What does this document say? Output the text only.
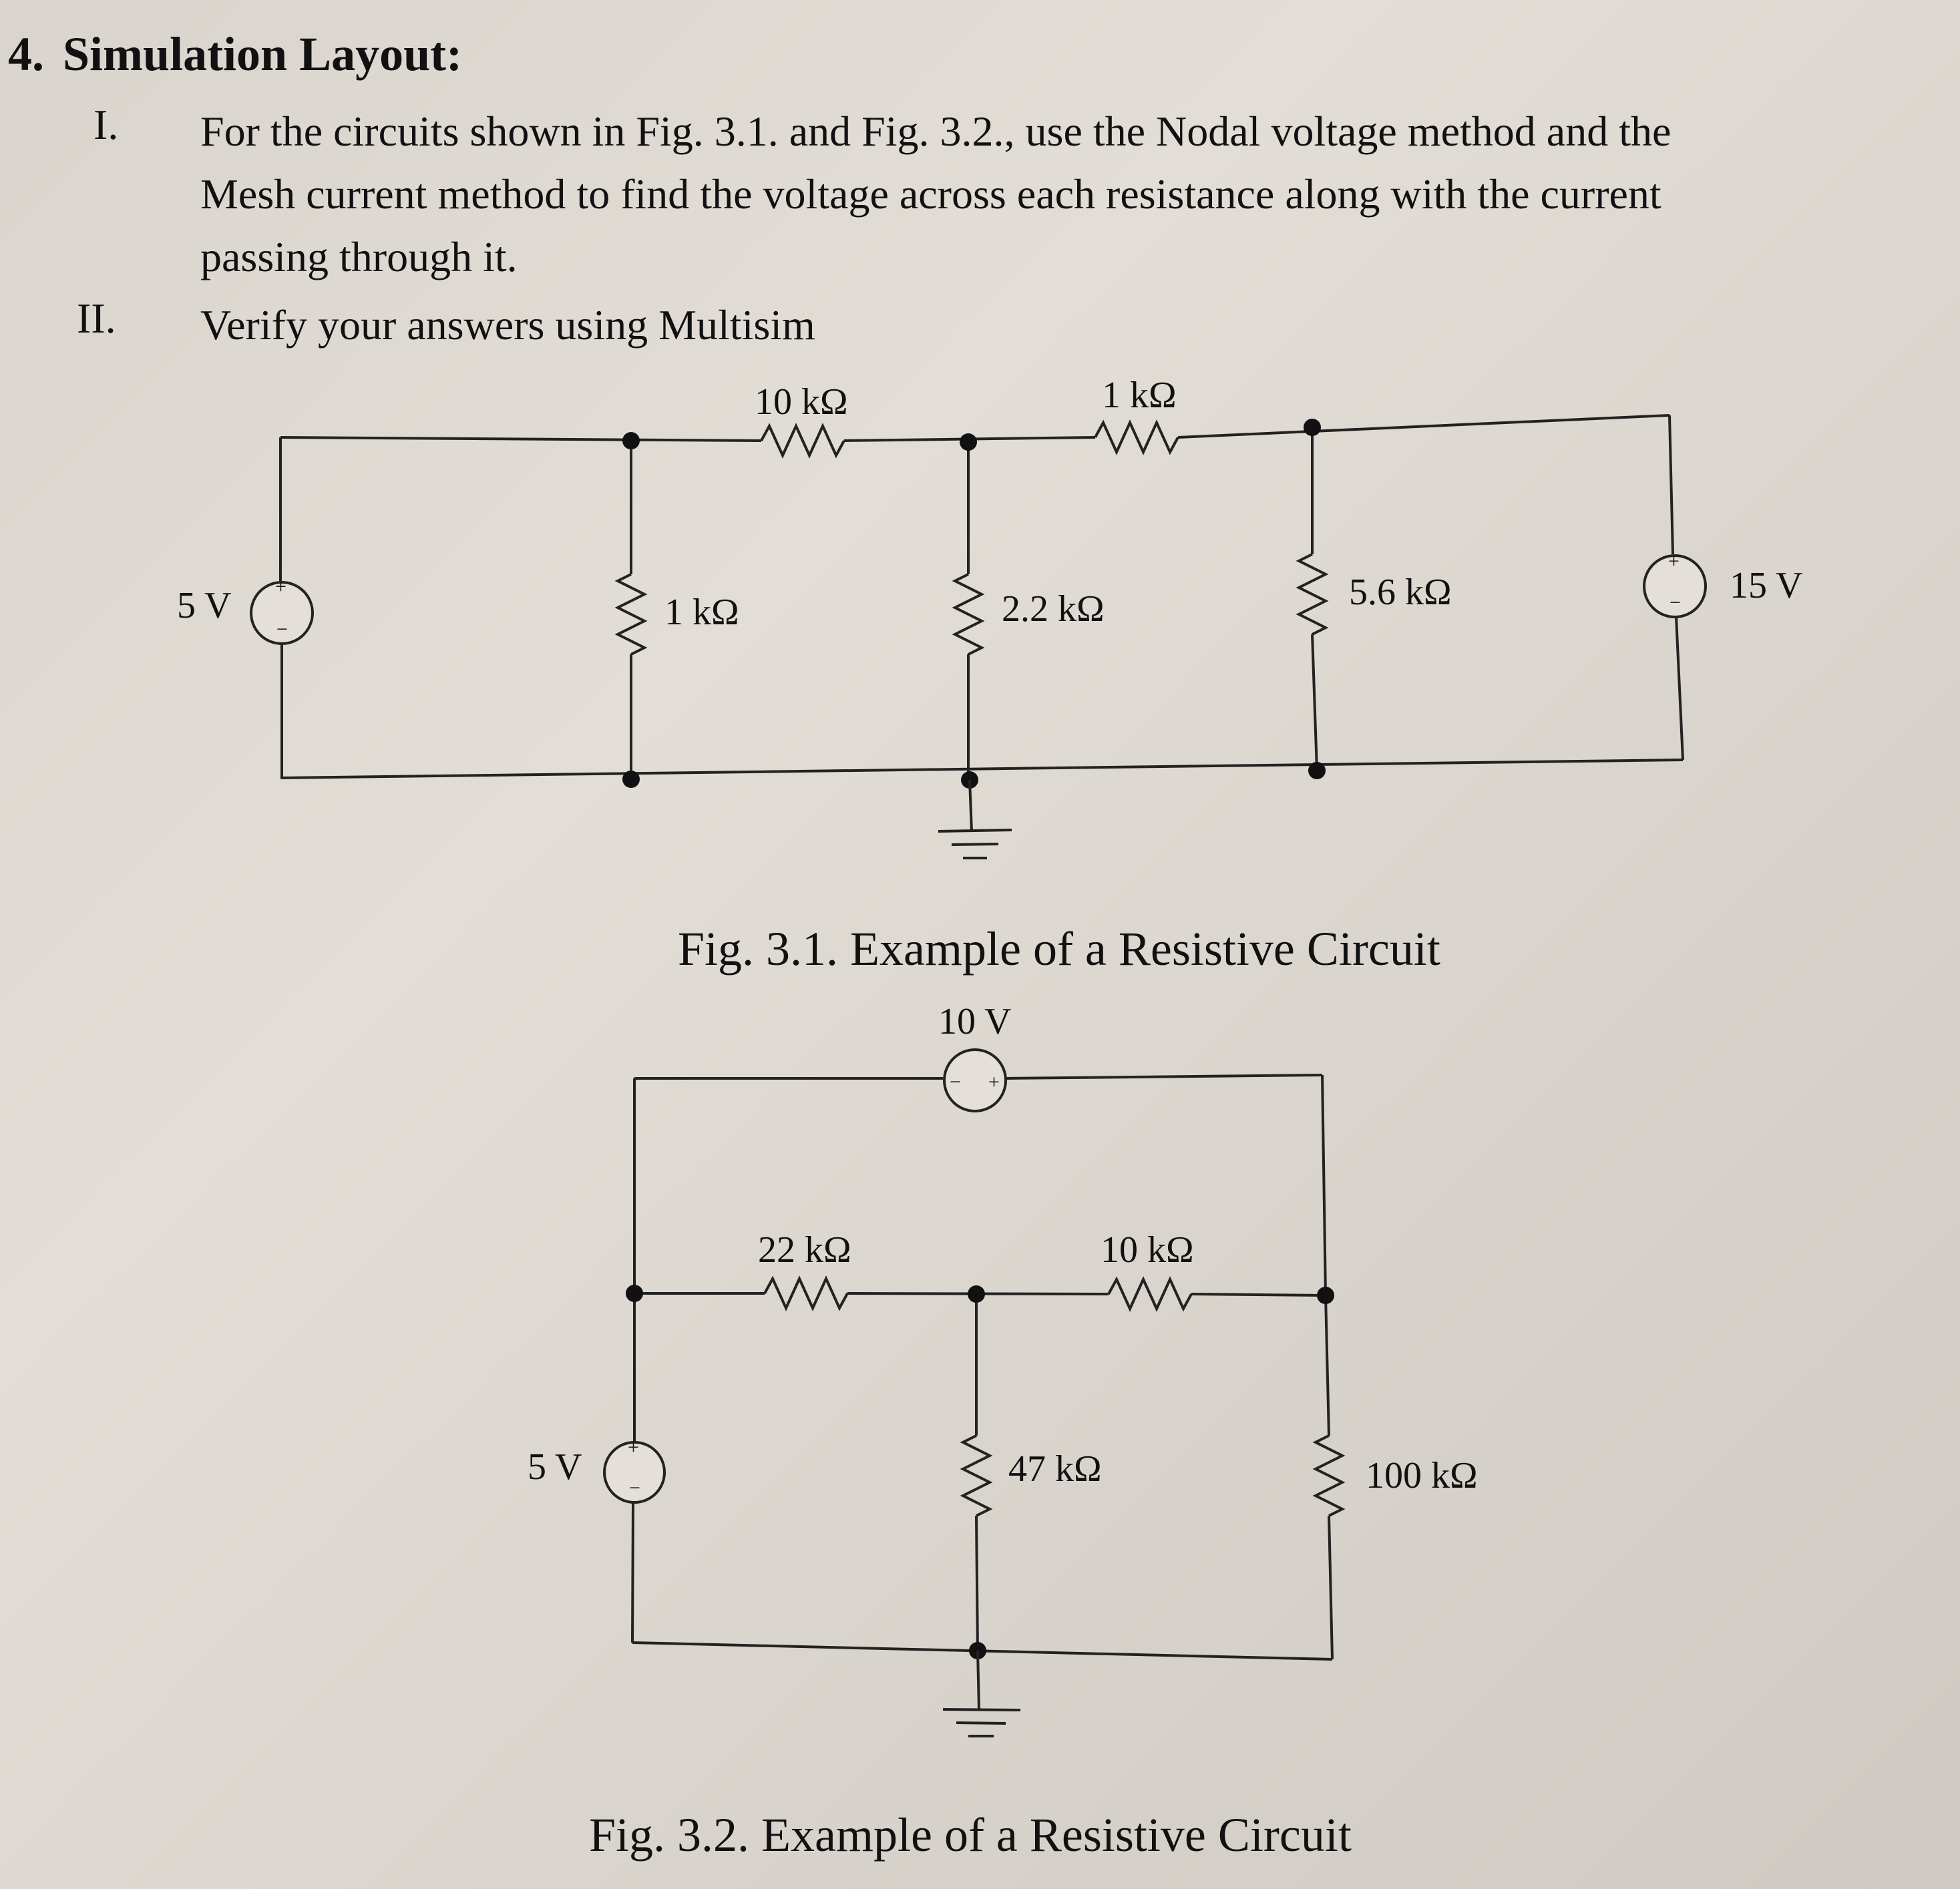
4. Simulation Layout:
I. For the circuits shown in Fig. 3.1. and Fig. 3.2., use the Nodal voltage method and the
Mesh current method to find the voltage across each resistance along with the current
passing through it.
II. Verify your answers using Multisim
+
−
5 V	1 kΩ	2.2 kΩ	5.6 kΩ
+
− 15 V
10 kΩ	1 kΩ
Fig. 3.1. Example of a Resistive Circuit
− +
10 V
22 kΩ	10 kΩ
+
−
5 V	47 kΩ	100 kΩ
Fig. 3.2. Example of a Resistive Circuit
